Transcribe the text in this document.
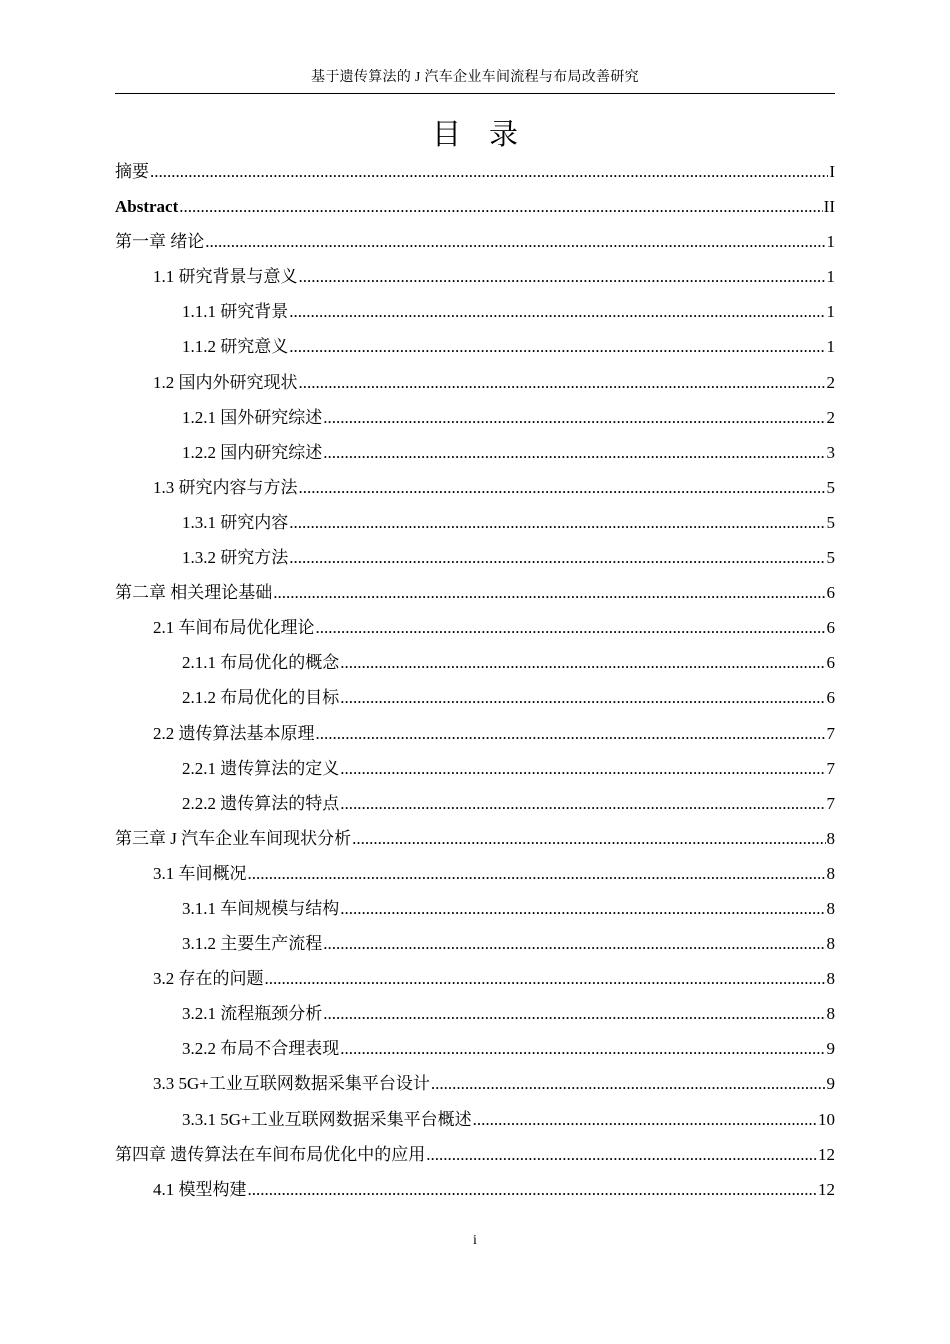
基于遗传算法的 J 汽车企业车间流程与布局改善研究
目 录
摘要 .....	I
Abstract .....	II
第一章 绪论 .....	1
1.1 研究背景与意义 .....	1
1.1.1 研究背景 .....	1
1.1.2 研究意义 .....	1
1.2 国内外研究现状 .....	2
1.2.1 国外研究综述 .....	2
1.2.2 国内研究综述 .....	3
1.3 研究内容与方法 .....	5
1.3.1 研究内容 .....	5
1.3.2 研究方法 .....	5
第二章 相关理论基础 .....	6
2.1 车间布局优化理论 .....	6
2.1.1 布局优化的概念 .....	6
2.1.2 布局优化的目标 .....	6
2.2 遗传算法基本原理 .....	7
2.2.1 遗传算法的定义 .....	7
2.2.2 遗传算法的特点 .....	7
第三章 J 汽车企业车间现状分析 .....	8
3.1 车间概况 .....	8
3.1.1 车间规模与结构 .....	8
3.1.2 主要生产流程 .....	8
3.2 存在的问题 .....	8
3.2.1 流程瓶颈分析 .....	8
3.2.2 布局不合理表现 .....	9
3.3 5G+工业互联网数据采集平台设计 .....	9
3.3.1 5G+工业互联网数据采集平台概述 .....	10
第四章 遗传算法在车间布局优化中的应用 .....	12
4.1 模型构建 .....	12
i
